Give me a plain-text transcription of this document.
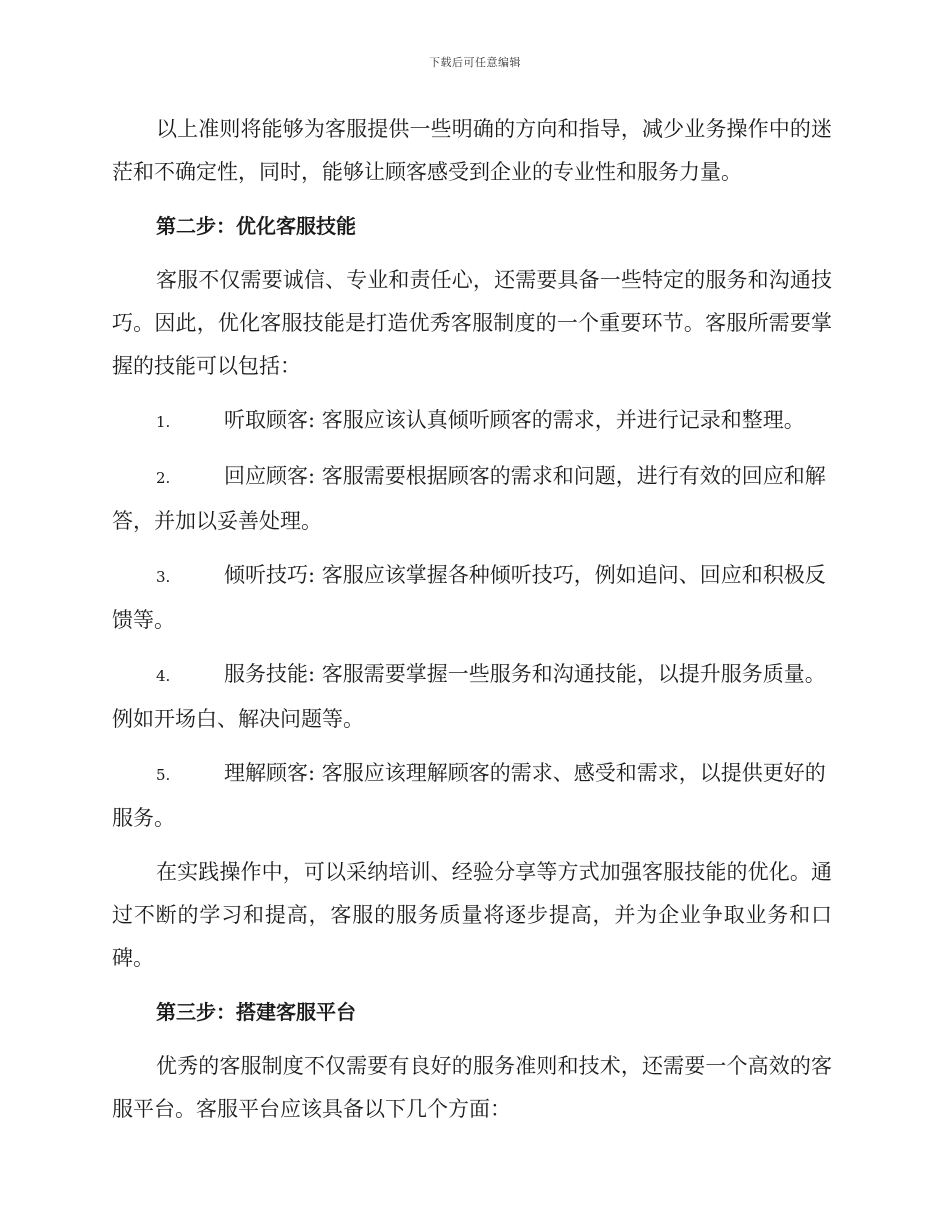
下载后可任意编辑

以上准则将能够为客服提供一些明确的方向和指导，减少业务操作中的迷茫和不确定性，同时，能够让顾客感受到企业的专业性和服务力量。

第二步：优化客服技能

客服不仅需要诚信、专业和责任心，还需要具备一些特定的服务和沟通技巧。因此，优化客服技能是打造优秀客服制度的一个重要环节。客服所需要掌握的技能可以包括：

1.	听取顾客: 客服应该认真倾听顾客的需求，并进行记录和整理。

2.	回应顾客: 客服需要根据顾客的需求和问题，进行有效的回应和解答，并加以妥善处理。

3.	倾听技巧: 客服应该掌握各种倾听技巧，例如追问、回应和积极反馈等。

4.	服务技能: 客服需要掌握一些服务和沟通技能，以提升服务质量。例如开场白、解决问题等。

5.	理解顾客: 客服应该理解顾客的需求、感受和需求，以提供更好的服务。

在实践操作中，可以采纳培训、经验分享等方式加强客服技能的优化。通过不断的学习和提高，客服的服务质量将逐步提高，并为企业争取业务和口碑。

第三步：搭建客服平台

优秀的客服制度不仅需要有良好的服务准则和技术，还需要一个高效的客服平台。客服平台应该具备以下几个方面：
